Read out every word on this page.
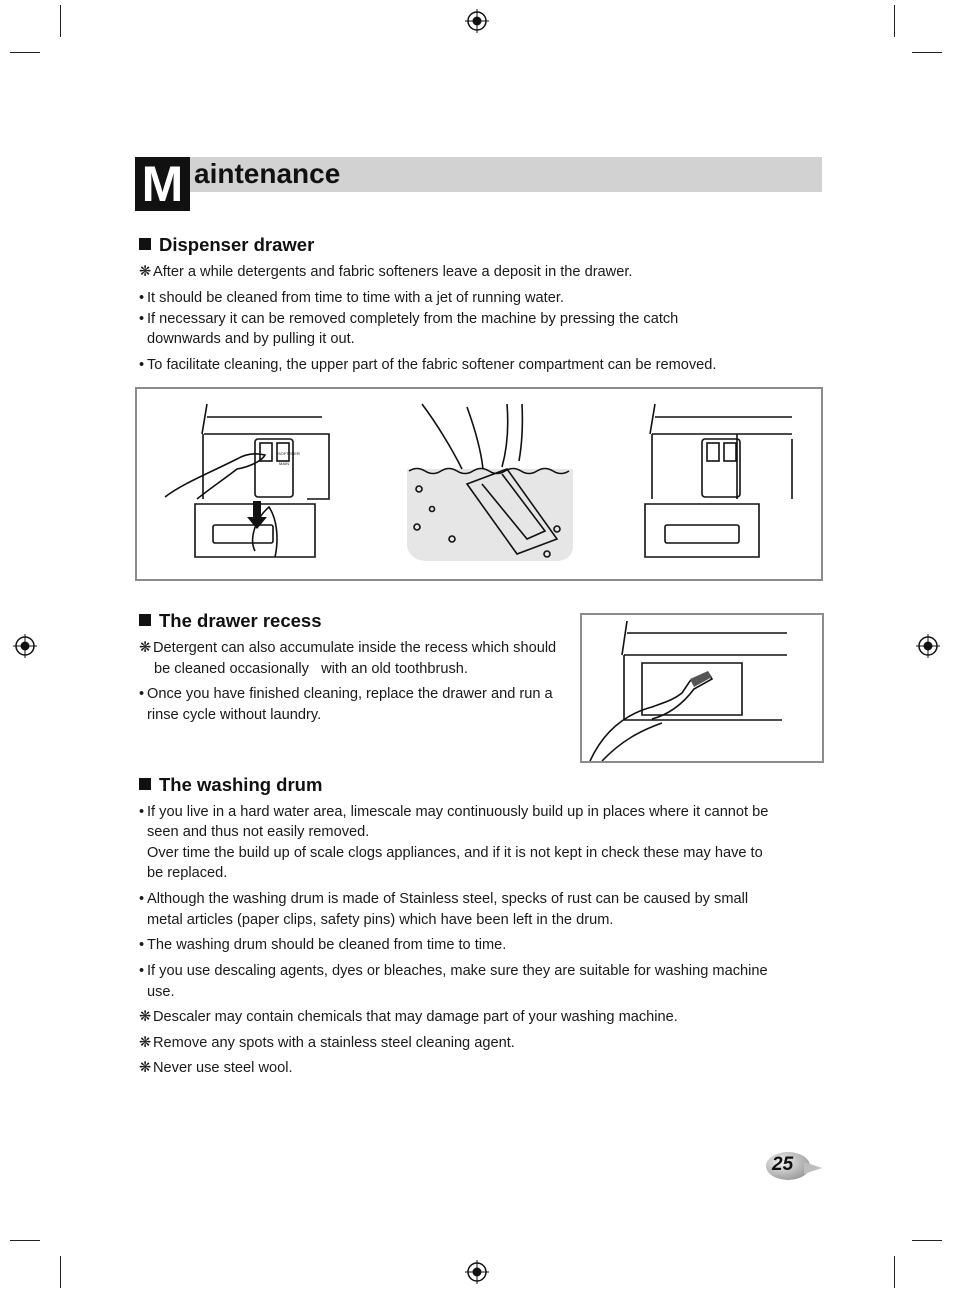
M aintenance
Dispenser drawer
❋ After a while detergents and fabric softeners leave a deposit in the drawer.
• It should be cleaned from time to time with a jet of running water.
• If necessary it can be removed completely from the machine by pressing the catch
downwards and by pulling it out.
• To facilitate cleaning, the upper part of the fabric softener compartment can be removed.
SOFTENER
MAIN
The drawer recess
❋ Detergent can also accumulate inside the recess which should
be cleaned occasionally   with an old toothbrush.
• Once you have finished cleaning, replace the drawer and run a
rinse cycle without laundry.
The washing drum
• If you live in a hard water area, limescale may continuously build up in places where it cannot be
seen and thus not easily removed.
Over time the build up of scale clogs appliances, and if it is not kept in check these may have to
be replaced.
• Although the washing drum is made of Stainless steel, specks of rust can be caused by small
metal articles (paper clips, safety pins) which have been left in the drum.
• The washing drum should be cleaned from time to time.
• If you use descaling agents, dyes or bleaches, make sure they are suitable for washing machine
use.
❋ Descaler may contain chemicals that may damage part of your washing machine.
❋ Remove any spots with a stainless steel cleaning agent.
❋ Never use steel wool.
25
